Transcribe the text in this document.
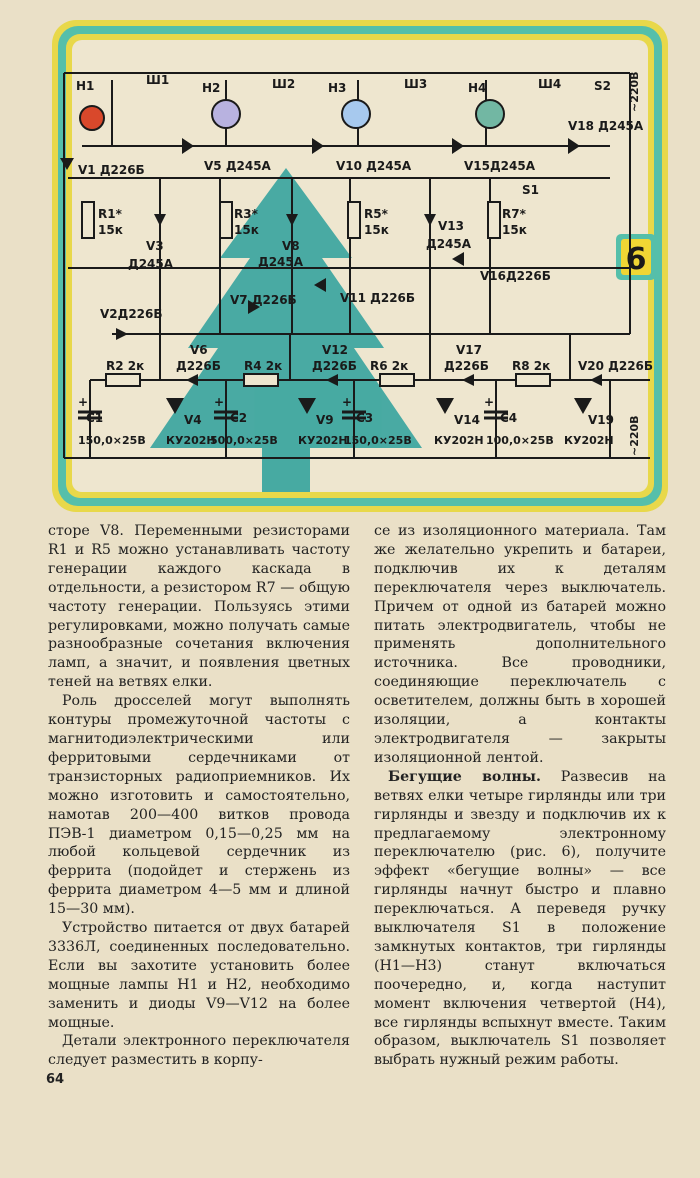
6
H1	H2	H3	H4
Ш1	Ш2	Ш3	Ш4	S2 ~220В
S1
~220В
V1 Д226Б	V5 Д245А	V10 Д245А	V15Д245А
V18 Д245А
R1*
15к
R3*
15к
R5*
15к
R7*
15к
V3
Д245А
V8
Д245А
V13
Д245А
V16Д226Б
V11 Д226Б
V7 Д226Б
V2Д226Б
V6
Д226Б
V12
Д226Б
V17
Д226Б	V20 Д226Б
R2 2к	R4 2к	R6 2к	R8 2к
+
C1
150,0×25В
+
C2
500,0×25В
+
C3
150,0×25В
+
C4
100,0×25В
V4
КУ202Н
V9
КУ202Н
V14
КУ202Н
V19
КУ202Н

сторе V8. Переменными резисторами R1 и R5 можно устанавливать частоту генерации каждого каскада в отдельности, а резистором R7 — общую частоту генерации. Пользуясь этими регулировками, можно получать самые разнообразные сочетания включения ламп, а значит, и появления цветных теней на ветвях елки.

Роль дросселей могут выполнять контуры промежуточной частоты с магнитодиэлектрическими или ферритовыми сердечниками от транзисторных радиоприемников. Их можно изготовить и самостоятельно, намотав 200—400 витков провода ПЭВ-1 диаметром 0,15—0,25 мм на любой кольцевой сердечник из феррита (подойдет и стержень из феррита диаметром 4—5 мм и длиной 15—30 мм).

Устройство питается от двух батарей 3336Л, соединенных последовательно. Если вы захотите установить более мощные лампы Н1 и Н2, необходимо заменить и диоды V9—V12 на более мощные.

Детали электронного переключателя следует разместить в корпу-

се из изоляционного материала. Там же желательно укрепить и батареи, подключив их к деталям переключателя через выключатель. Причем от одной из батарей можно питать электродвигатель, чтобы не применять дополнительного источника. Все проводники, соединяющие переключатель с осветителем, должны быть в хорошей изоляции, а контакты электродвигателя — закрыты изоляционной лентой.

Бегущие волны. Развесив на ветвях елки четыре гирлянды или три гирлянды и звезду и подключив их к предлагаемому электронному переключателю (рис. 6), получите эффект «бегущие волны» — все гирлянды начнут быстро и плавно переключаться. А переведя ручку выключателя S1 в положение замкнутых контактов, три гирлянды (Н1—Н3) станут включаться поочередно, и, когда наступит момент включения четвертой (Н4), все гирлянды вспыхнут вместе. Таким образом, выключатель S1 позволяет выбрать нужный режим работы.

64
